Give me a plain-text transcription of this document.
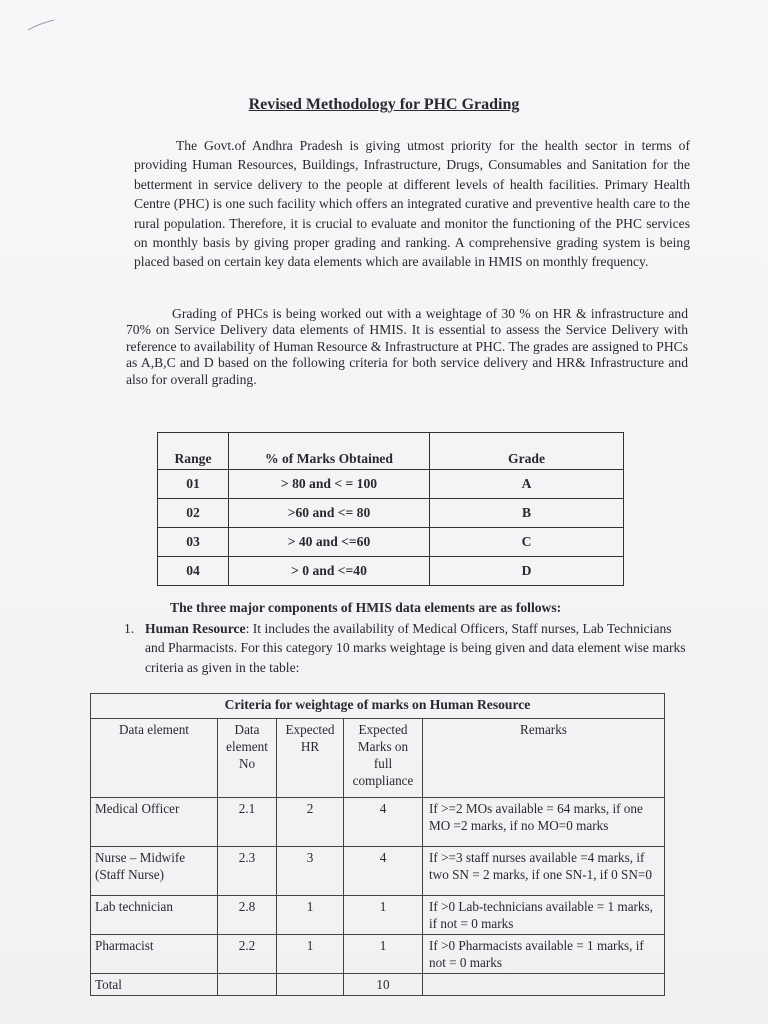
Revised Methodology for PHC Grading

The Govt.of Andhra Pradesh is giving utmost priority for the health sector in terms of providing Human Resources, Buildings, Infrastructure, Drugs, Consumables and Sanitation for the betterment in service delivery to the people at different levels of health facilities. Primary Health Centre (PHC) is one such facility which offers an integrated curative and preventive health care to the rural population. Therefore, it is crucial to evaluate and monitor the functioning of the PHC services on monthly basis by giving proper grading and ranking. A comprehensive grading system is being placed based on certain key data elements which are available in HMIS on monthly frequency.

Grading of PHCs is being worked out with a weightage of 30 % on HR & infrastructure and 70% on Service Delivery data elements of HMIS. It is essential to assess the Service Delivery with reference to availability of Human Resource & Infrastructure at PHC. The grades are assigned to PHCs as A,B,C and D based on the following criteria for both service delivery and HR& Infrastructure and also for overall grading.

Range	% of Marks Obtained	Grade
01	> 80 and < = 100	A
02	>60 and <= 80	B
03	> 40 and <=60	C
04	> 0 and <=40	D
The three major components of HMIS data elements are as follows:

1. Human Resource: It includes the availability of Medical Officers, Staff nurses, Lab Technicians and Pharmacists. For this category 10 marks weightage is being given and data element wise marks criteria as given in the table:

Criteria for weightage of marks on Human Resource				
Data element	Data element No	Expected HR	Expected Marks on full compliance	Remarks
Medical Officer	2.1	2	4	If >=2 MOs available = 64 marks, if one MO =2 marks, if no MO=0 marks
Nurse – Midwife (Staff Nurse)	2.3	3	4	If >=3 staff nurses available =4 marks, if two SN = 2 marks, if one SN-1, if 0 SN=0
Lab technician	2.8	1	1	If >0 Lab-technicians available = 1 marks, if not = 0 marks
Pharmacist	2.2	1	1	If >0 Pharmacists available = 1 marks, if not = 0 marks
Total			10	
